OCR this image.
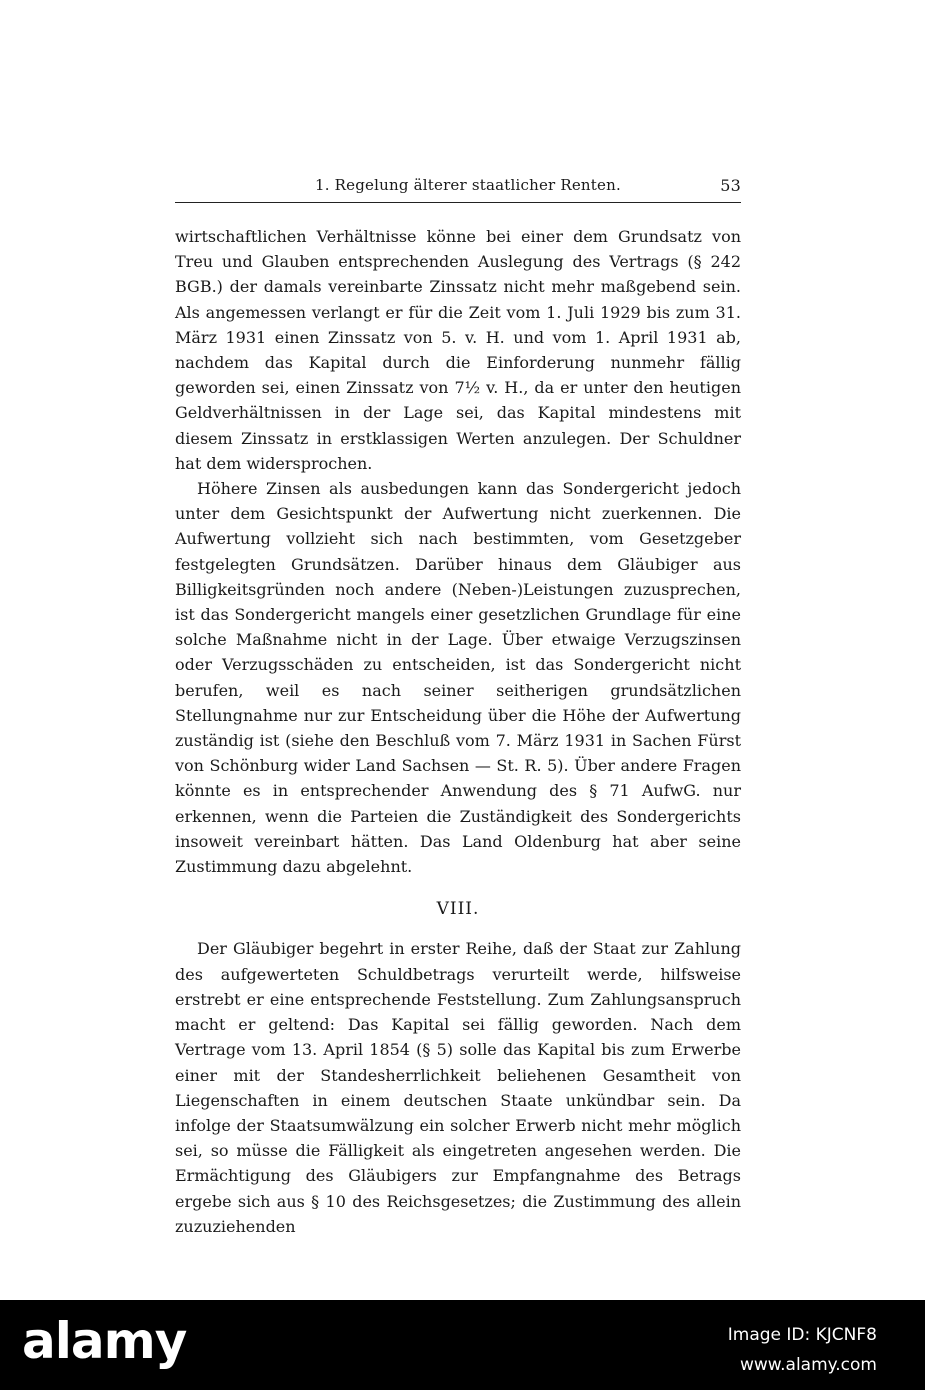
1. Regelung älterer staatlicher Renten.	53

wirtschaftlichen Verhältnisse könne bei einer dem Grundsatz von Treu und Glauben entsprechenden Auslegung des Vertrags (§ 242 BGB.) der damals vereinbarte Zinssatz nicht mehr maßgebend sein. Als angemessen verlangt er für die Zeit vom 1. Juli 1929 bis zum 31. März 1931 einen Zinssatz von 5. v. H. und vom 1. April 1931 ab, nachdem das Kapital durch die Einforderung nunmehr fällig geworden sei, einen Zinssatz von 7½ v. H., da er unter den heutigen Geldverhältnissen in der Lage sei, das Kapital mindestens mit diesem Zinssatz in erstklassigen Werten anzulegen. Der Schuldner hat dem widersprochen.

Höhere Zinsen als ausbedungen kann das Sondergericht jedoch unter dem Gesichtspunkt der Aufwertung nicht zuerkennen. Die Aufwertung vollzieht sich nach bestimmten, vom Gesetzgeber festgelegten Grundsätzen. Darüber hinaus dem Gläubiger aus Billigkeitsgründen noch andere (Neben-)Leistungen zuzusprechen, ist das Sondergericht mangels einer gesetzlichen Grundlage für eine solche Maßnahme nicht in der Lage. Über etwaige Verzugszinsen oder Verzugsschäden zu entscheiden, ist das Sondergericht nicht berufen, weil es nach seiner seitherigen grundsätzlichen Stellungnahme nur zur Entscheidung über die Höhe der Aufwertung zuständig ist (siehe den Beschluß vom 7. März 1931 in Sachen Fürst von Schönburg wider Land Sachsen — St. R. 5). Über andere Fragen könnte es in entsprechender Anwendung des § 71 AufwG. nur erkennen, wenn die Parteien die Zuständigkeit des Sondergerichts insoweit vereinbart hätten. Das Land Oldenburg hat aber seine Zustimmung dazu abgelehnt.

VIII.

Der Gläubiger begehrt in erster Reihe, daß der Staat zur Zahlung des aufgewerteten Schuldbetrags verurteilt werde, hilfsweise erstrebt er eine entsprechende Feststellung. Zum Zahlungsanspruch macht er geltend: Das Kapital sei fällig geworden. Nach dem Vertrage vom 13. April 1854 (§ 5) solle das Kapital bis zum Erwerbe einer mit der Standesherrlichkeit beliehenen Gesamtheit von Liegenschaften in einem deutschen Staate unkündbar sein. Da infolge der Staatsumwälzung ein solcher Erwerb nicht mehr möglich sei, so müsse die Fälligkeit als eingetreten angesehen werden. Die Ermächtigung des Gläubigers zur Empfangnahme des Betrags ergebe sich aus § 10 des Reichsgesetzes; die Zustimmung des allein zuzuziehenden

alamy	Image ID: KJCNF8
www.alamy.com
